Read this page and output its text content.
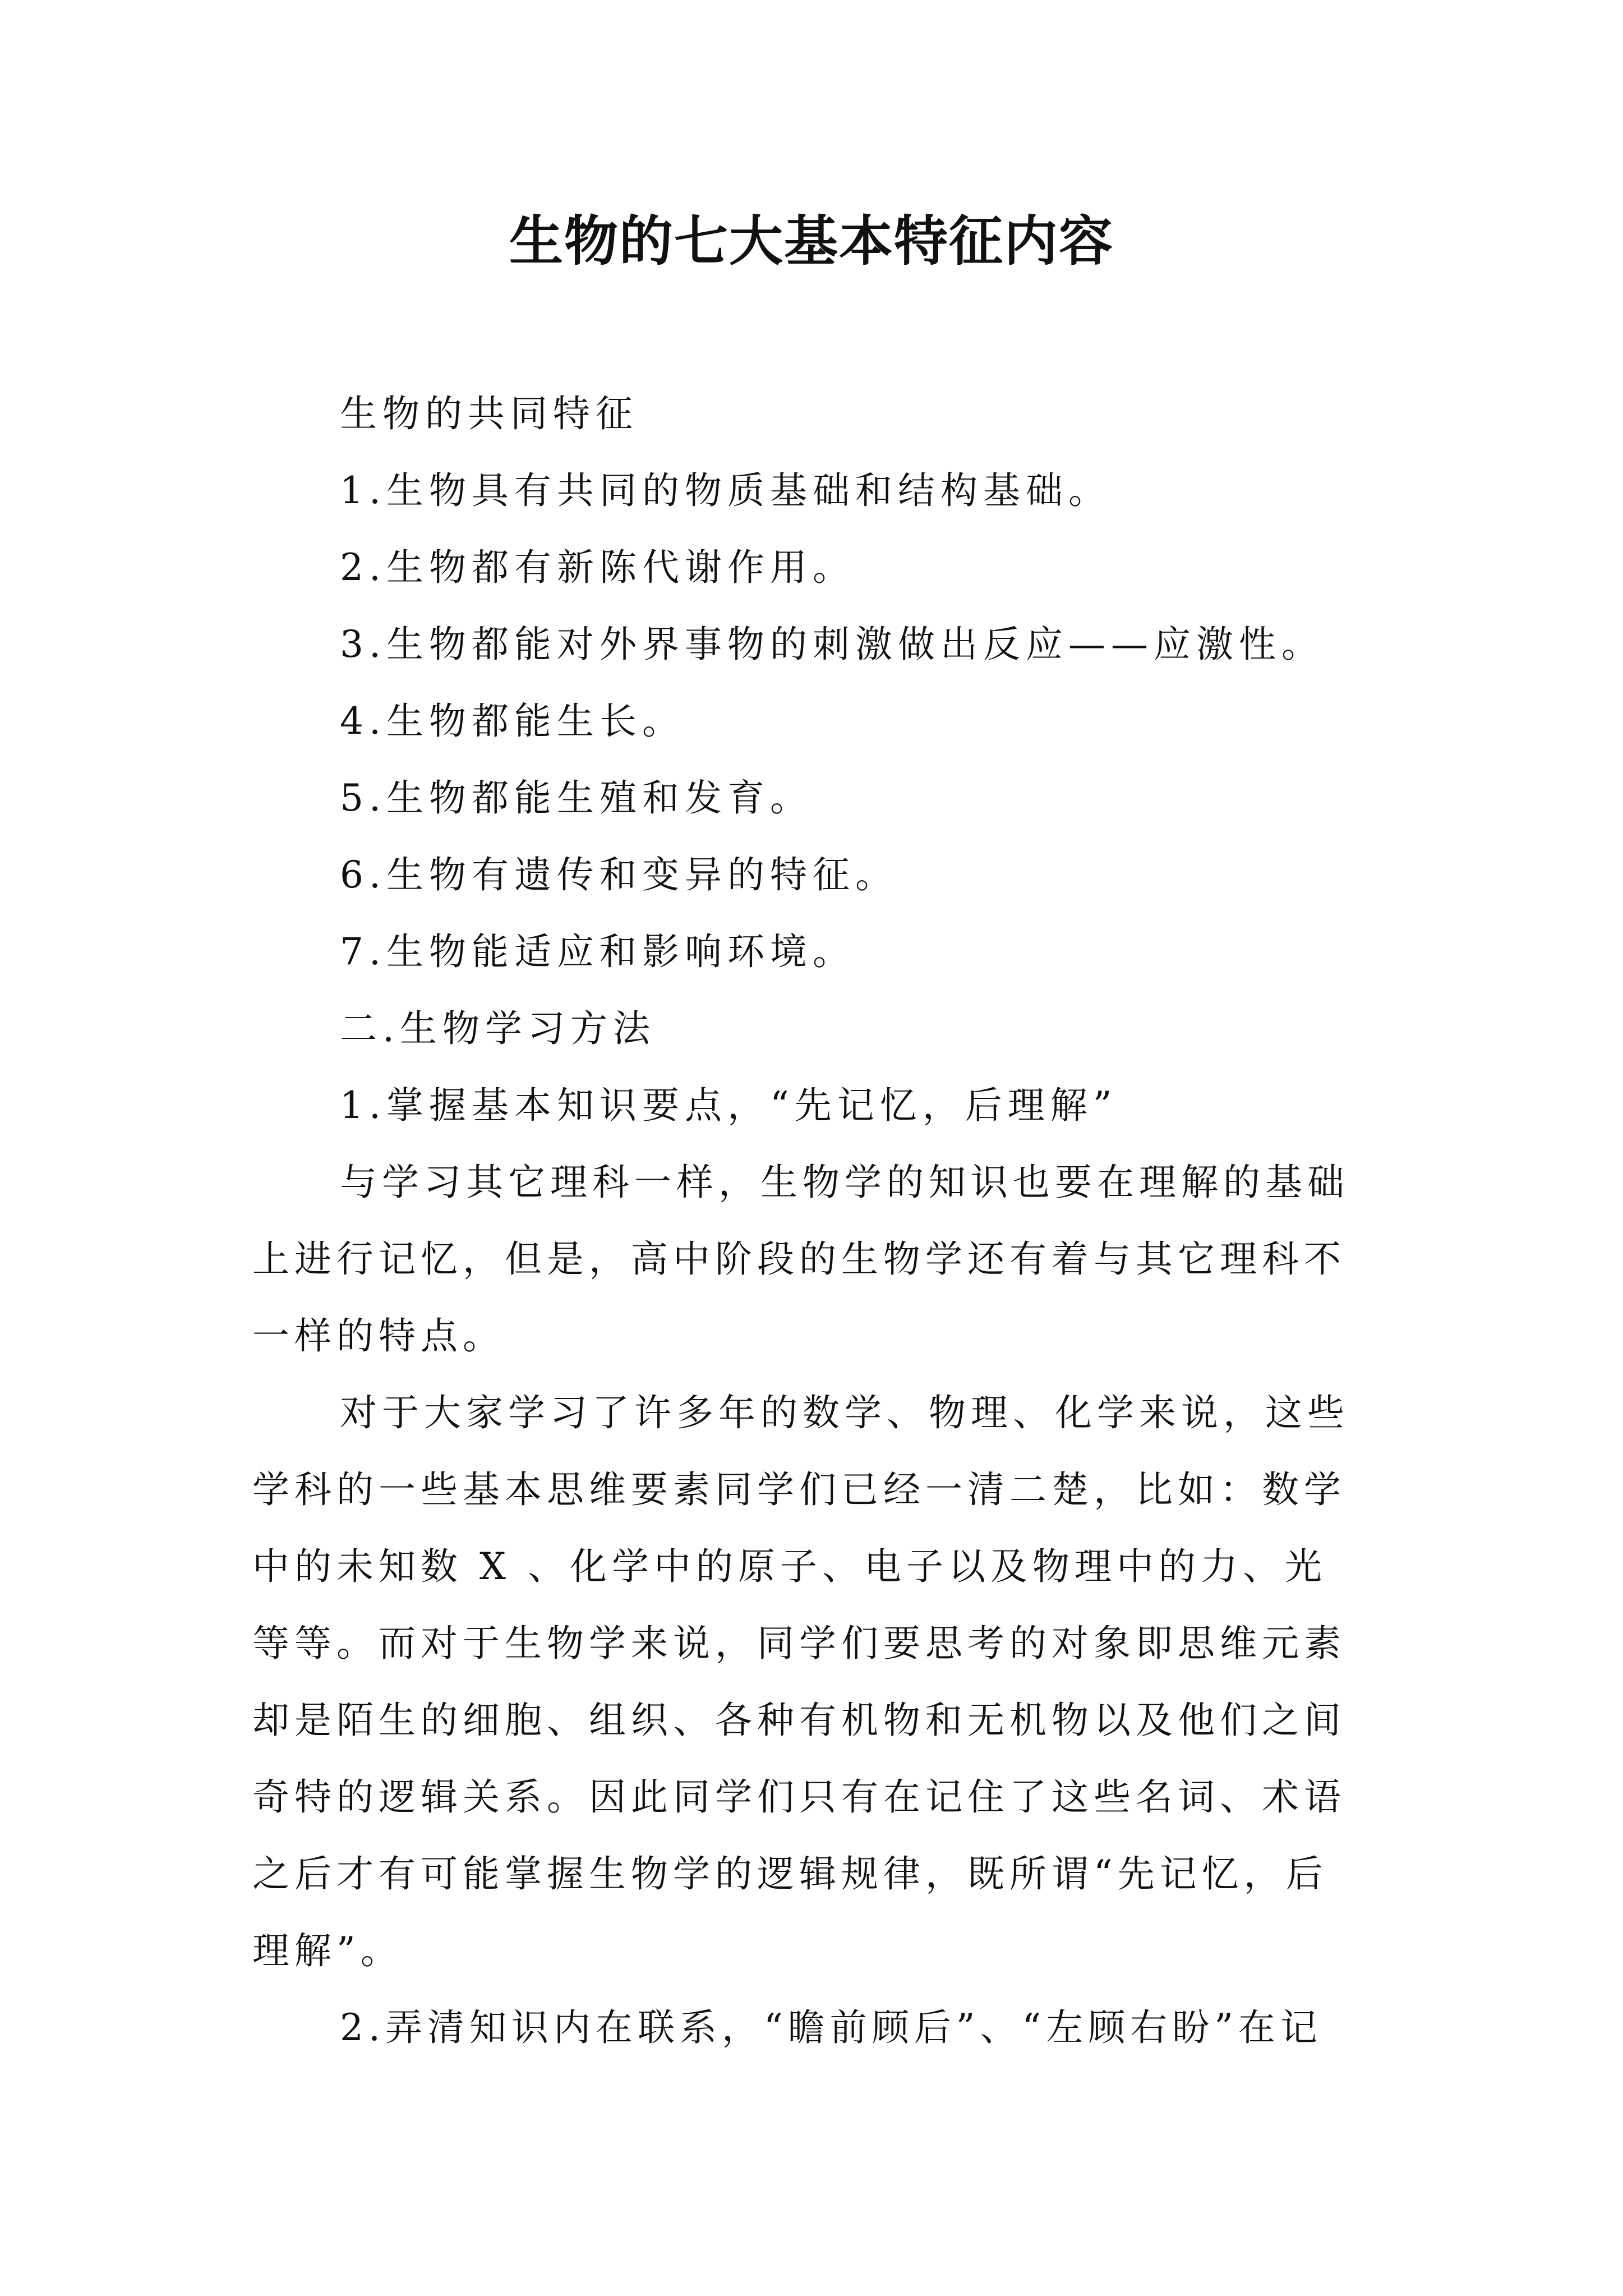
生物的七大基本特征内容
生物的共同特征
1.生物具有共同的物质基础和结构基础。
2.生物都有新陈代谢作用。
3.生物都能对外界事物的刺激做出反应——应激性。
4.生物都能生长。
5.生物都能生殖和发育。
6.生物有遗传和变异的特征。
7.生物能适应和影响环境。
二.生物学习方法
1.掌握基本知识要点，“先记忆，后理解”
与学习其它理科一样，生物学的知识也要在理解的基础
上进行记忆，但是，高中阶段的生物学还有着与其它理科不
一样的特点。
对于大家学习了许多年的数学、物理、化学来说，这些
学科的一些基本思维要素同学们已经一清二楚，比如：数学
中的未知数 X 、化学中的原子、电子以及物理中的力、光
等等。而对于生物学来说，同学们要思考的对象即思维元素
却是陌生的细胞、组织、各种有机物和无机物以及他们之间
奇特的逻辑关系。因此同学们只有在记住了这些名词、术语
之后才有可能掌握生物学的逻辑规律，既所谓“先记忆，后
理解”。
2.弄清知识内在联系，“瞻前顾后”、“左顾右盼”在记
